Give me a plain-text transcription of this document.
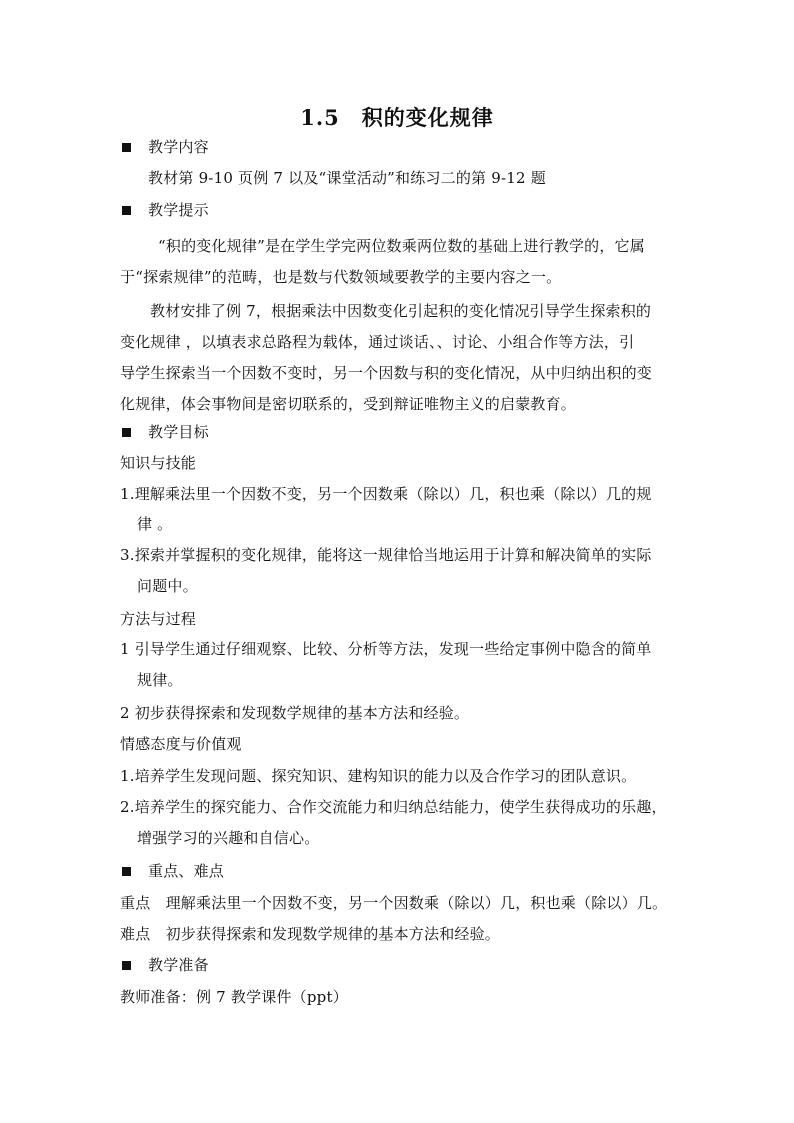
1.5　积的变化规律
教学内容
教材第 9-10 页例 7 以及“课堂活动”和练习二的第 9-12 题
教学提示
“积的变化规律”是在学生学完两位数乘两位数的基础上进行教学的，它属
于“探索规律”的范畴，也是数与代数领域要教学的主要内容之一。
教材安排了例 7，根据乘法中因数变化引起积的变化情况引导学生探索积的
变化规律 ，以填表求总路程为载体，通过谈话、、讨论、小组合作等方法，引
导学生探索当一个因数不变时，另一个因数与积的变化情况，从中归纳出积的变
化规律，体会事物间是密切联系的，受到辩证唯物主义的启蒙教育。
教学目标
知识与技能
1.理解乘法里一个因数不变，另一个因数乘（除以）几，积也乘（除以）几的规
律 。
3.探索并掌握积的变化规律，能将这一规律恰当地运用于计算和解决简单的实际
问题中。
方法与过程
1 引导学生通过仔细观察、比较、分析等方法，发现一些给定事例中隐含的简单
规律。
2 初步获得探索和发现数学规律的基本方法和经验。
情感态度与价值观
1.培养学生发现问题、探究知识、建构知识的能力以及合作学习的团队意识。
2.培养学生的探究能力、合作交流能力和归纳总结能力，使学生获得成功的乐趣，
增强学习的兴趣和自信心。
重点、难点
重点　理解乘法里一个因数不变，另一个因数乘（除以）几，积也乘（除以）几。
难点　初步获得探索和发现数学规律的基本方法和经验。
教学准备
教师准备：例 7 教学课件（ppt）
